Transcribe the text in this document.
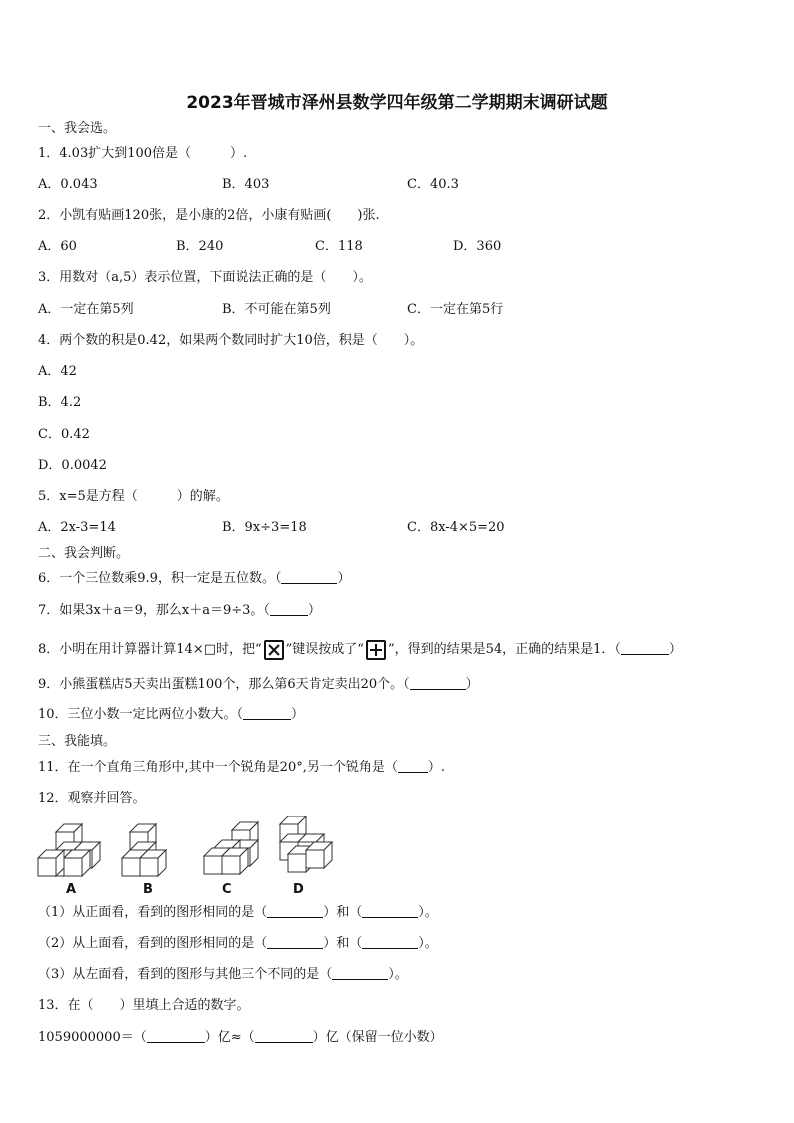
2023年晋城市泽州县数学四年级第二学期期末调研试题
一、我会选。
1．4.03扩大到100倍是（　　　）.
A．0.043	B．403	C．40.3
2．小凯有贴画120张，是小康的2倍，小康有贴画(　　)张.
A．60	B．240	C．118	D．360
3．用数对（a,5）表示位置，下面说法正确的是（　　）。
A．一定在第5列	B．不可能在第5列	C．一定在第5行
4．两个数的积是0.42，如果两个数同时扩大10倍，积是（　　）。
A．42
B．4.2
C．0.42
D．0.0042
5．x=5是方程（　　　）的解。
A．2x-3=14	B．9x÷3=18	C．8x-4×5=20
二、我会判断。
6．一个三位数乘9.9，积一定是五位数。（	）
7．如果3x＋a＝9，那么x＋a＝9÷3。（	）
8．小明在用计算器计算14×□时，把“ ”键误按成了“ ”，得到的结果是54，正确的结果是1．（	）
9．小熊蛋糕店5天卖出蛋糕100个，那么第6天肯定卖出20个。（	）
10．三位小数一定比两位小数大。（	）
三、我能填。
11．在一个直角三角形中,其中一个锐角是20°,另一个锐角是（ ）.
12．观察并回答。
A	B	C	D
（1）从正面看，看到的图形相同的是（	）和（	）。
（2）从上面看，看到的图形相同的是（	）和（	）。
（3）从左面看，看到的图形与其他三个不同的是（	）。
13．在（　　）里填上合适的数字。
1059000000＝（	）亿≈（	）亿（保留一位小数）
